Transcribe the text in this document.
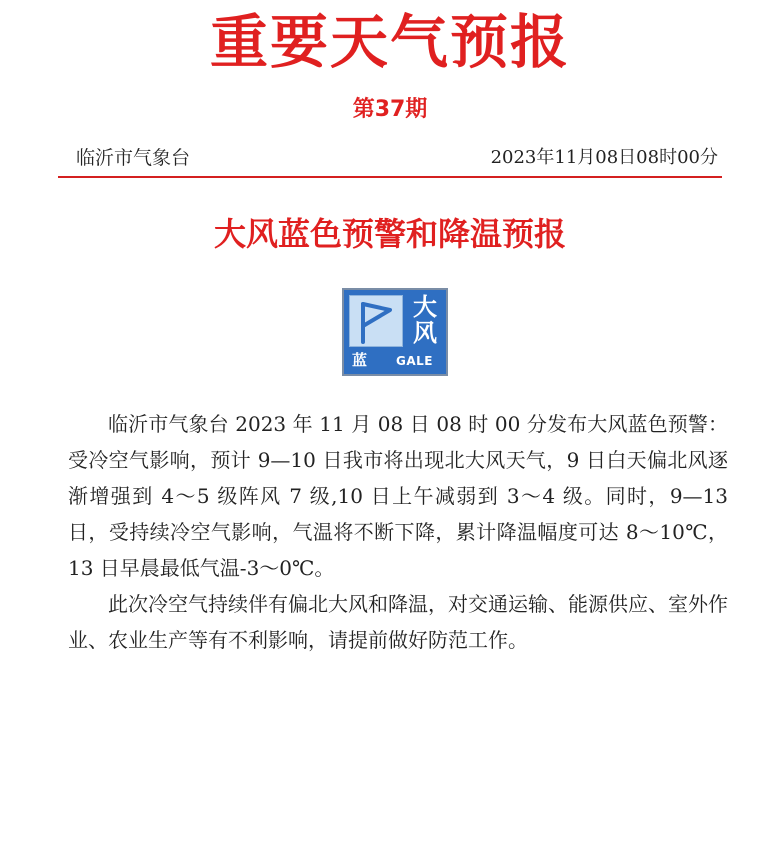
重要天气预报
第37期
临沂市气象台	2023年11月08日08时00分
大风蓝色预警和降温预报
大
风
蓝 GALE

临沂市气象台 2023 年 11 月 08 日 08 时 00 分发布大风蓝色预警：受冷空气影响，预计 9—10 日我市将出现北大风天气，9 日白天偏北风逐渐增强到 4～5 级阵风 7 级,10 日上午减弱到 3～4 级。同时，9—13 日，受持续冷空气影响，气温将不断下降，累计降温幅度可达 8～10℃，13 日早晨最低气温-3～0℃。

此次冷空气持续伴有偏北大风和降温，对交通运输、能源供应、室外作业、农业生产等有不利影响，请提前做好防范工作。
